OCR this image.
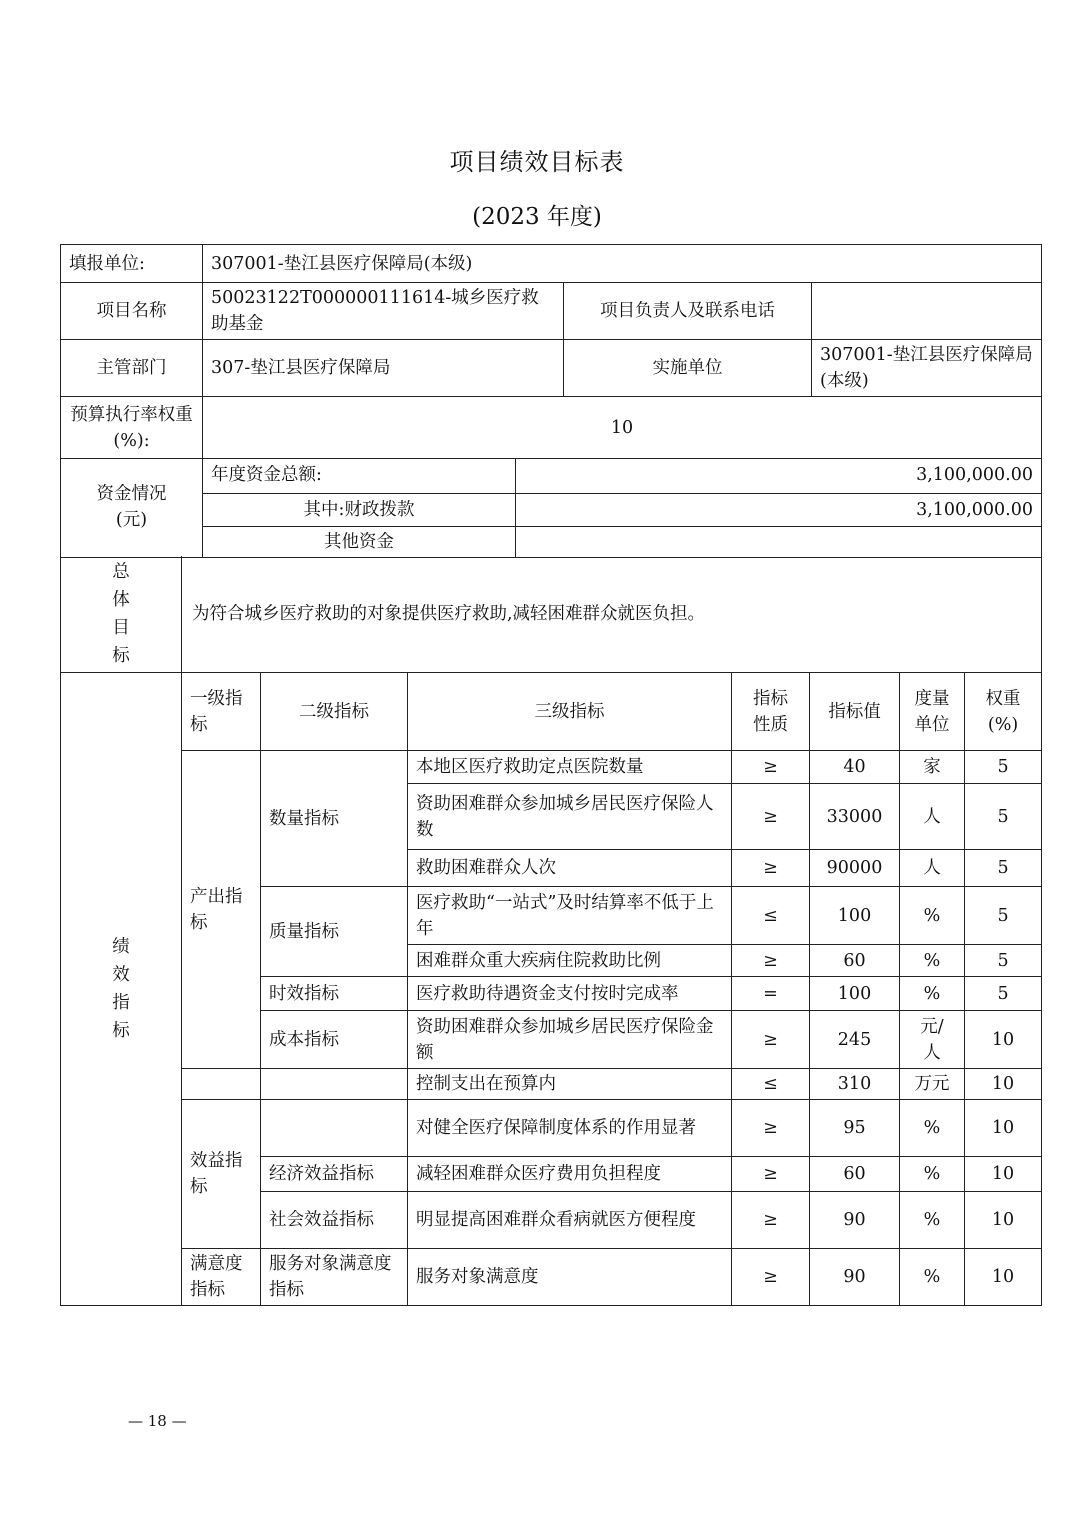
项目绩效目标表
(2023 年度)
填报单位:	307001-垫江县医疗保障局(本级)		
项目名称	50023122T000000111614-城乡医疗救助基金	项目负责人及联系电话	
主管部门	307-垫江县医疗保障局	实施单位	307001-垫江县医疗保障局(本级)
预算执行率权重(%):	10		
资金情况(元)	年度资金总额:	3,100,000.00
	其中:财政拨款	3,100,000.00
	其他资金	
总
体
目
标	为符合城乡医疗救助的对象提供医疗救助,减轻困难群众就医负担。						
绩
效
指
标	一级指标	二级指标	三级指标	指标性质	指标值	度量单位	权重(%)
	产出指标	数量指标	本地区医疗救助定点医院数量	≥	40	家	5
			资助困难群众参加城乡居民医疗保险人数	≥	33000	人	5
			救助困难群众人次	≥	90000	人	5
		质量指标	医疗救助“一站式”及时结算率不低于上年	≤	100	%	5
			困难群众重大疾病住院救助比例	≥	60	%	5
		时效指标	医疗救助待遇资金支付按时完成率	=	100	%	5
		成本指标	资助困难群众参加城乡居民医疗保险金额	≥	245	元/人	10
			控制支出在预算内	≤	310	万元	10
	效益指标		对健全医疗保障制度体系的作用显著	≥	95	%	10
		经济效益指标	减轻困难群众医疗费用负担程度	≥	60	%	10
		社会效益指标	明显提高困难群众看病就医方便程度	≥	90	%	10
	满意度指标	服务对象满意度指标	服务对象满意度	≥	90	%	10
— 18 —
